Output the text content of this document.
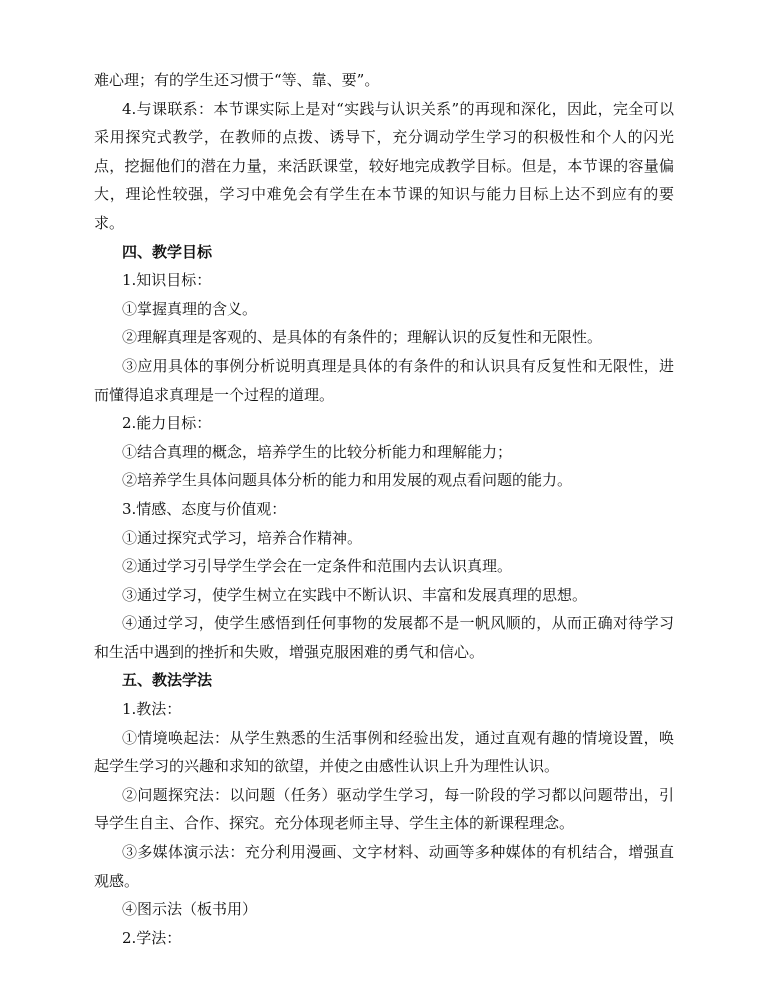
难心理；有的学生还习惯于“等、靠、要”。

4.与课联系：本节课实际上是对“实践与认识关系”的再现和深化，因此，完全可以采用探究式教学，在教师的点拨、诱导下，充分调动学生学习的积极性和个人的闪光点，挖掘他们的潜在力量，来活跃课堂，较好地完成教学目标。但是，本节课的容量偏大，理论性较强，学习中难免会有学生在本节课的知识与能力目标上达不到应有的要求。

四、教学目标

1.知识目标：

①掌握真理的含义。

②理解真理是客观的、是具体的有条件的；理解认识的反复性和无限性。

③应用具体的事例分析说明真理是具体的有条件的和认识具有反复性和无限性，进而懂得追求真理是一个过程的道理。

2.能力目标：

①结合真理的概念，培养学生的比较分析能力和理解能力；

②培养学生具体问题具体分析的能力和用发展的观点看问题的能力。

3.情感、态度与价值观：

①通过探究式学习，培养合作精神。

②通过学习引导学生学会在一定条件和范围内去认识真理。

③通过学习，使学生树立在实践中不断认识、丰富和发展真理的思想。

④通过学习，使学生感悟到任何事物的发展都不是一帆风顺的，从而正确对待学习和生活中遇到的挫折和失败，增强克服困难的勇气和信心。

五、教法学法

1.教法：

①情境唤起法：从学生熟悉的生活事例和经验出发，通过直观有趣的情境设置，唤起学生学习的兴趣和求知的欲望，并使之由感性认识上升为理性认识。

②问题探究法：以问题（任务）驱动学生学习，每一阶段的学习都以问题带出，引导学生自主、合作、探究。充分体现老师主导、学生主体的新课程理念。

③多媒体演示法：充分利用漫画、文字材料、动画等多种媒体的有机结合，增强直观感。

④图示法（板书用）

2.学法：
